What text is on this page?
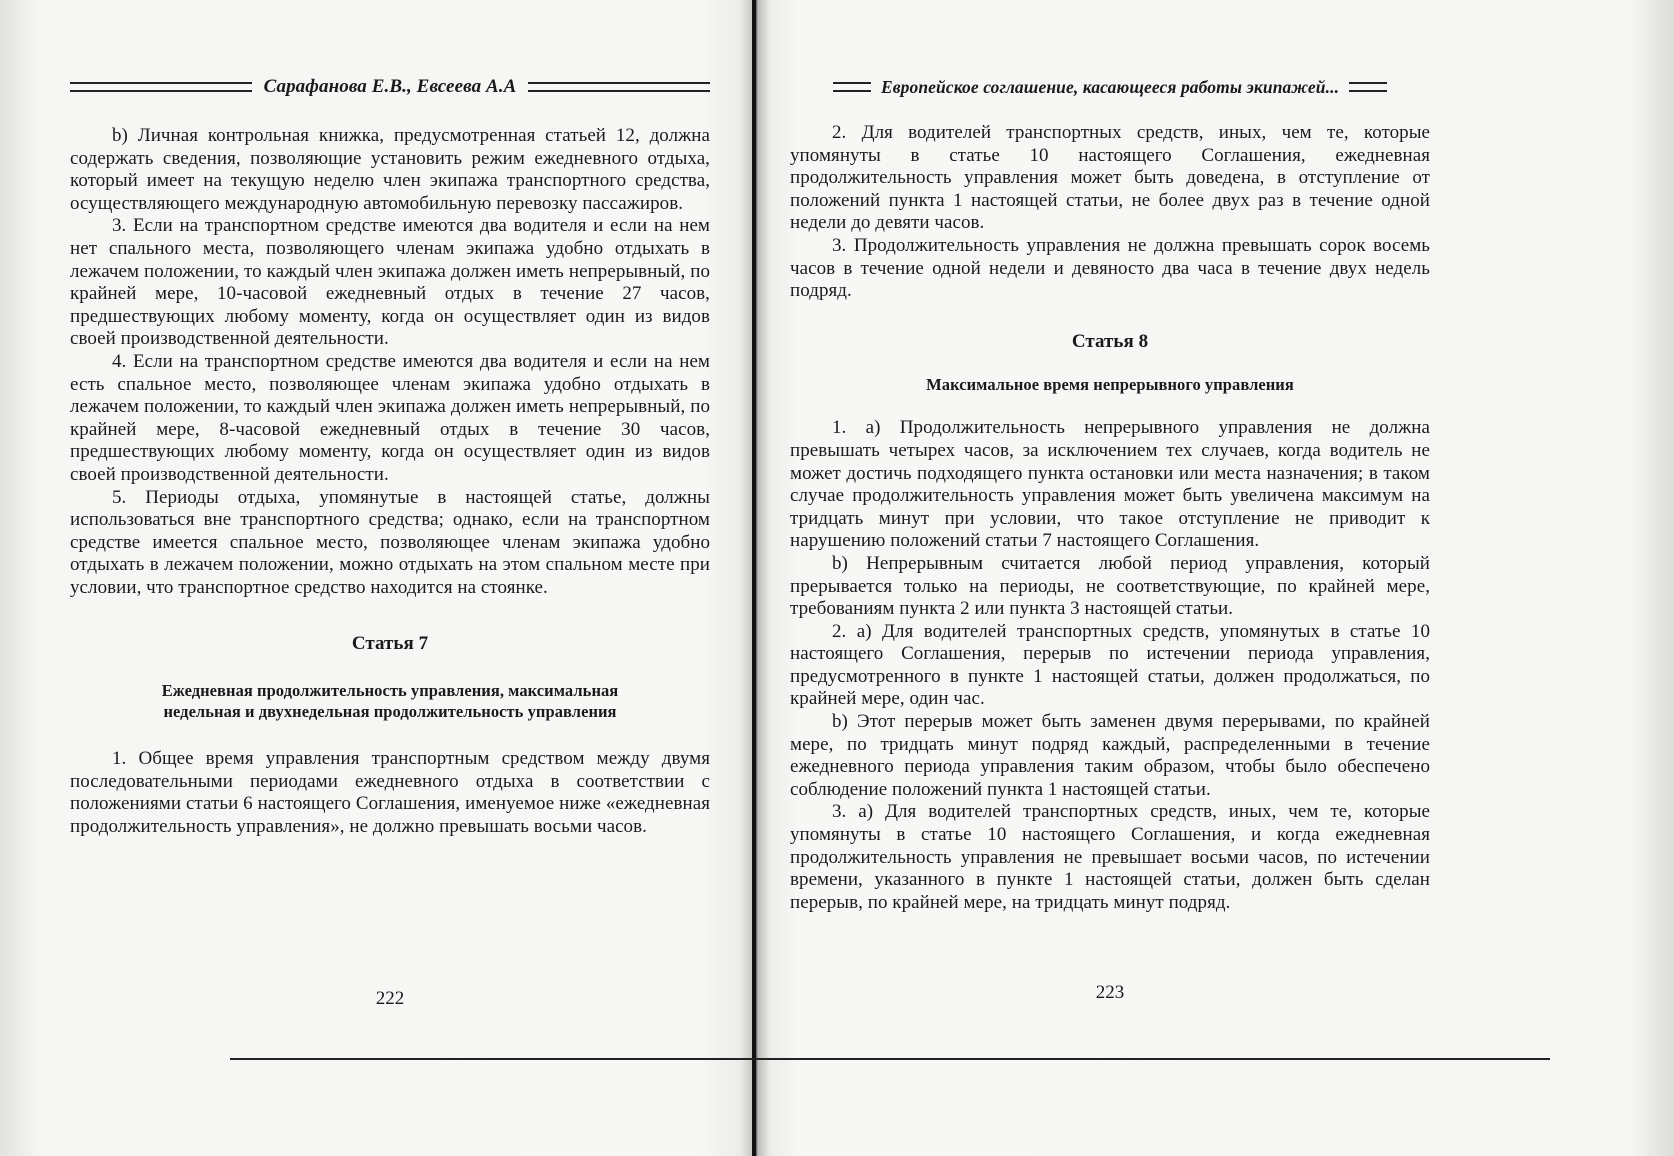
Сарафанова Е.В., Евсеева А.А

b) Личная контрольная книжка, предусмотренная статьей 12, должна содержать сведения, позволяющие установить режим ежедневного отдыха, который имеет на текущую неделю член экипажа транспортного средства, осуществляющего международную автомобильную перевозку пассажиров.

3. Если на транспортном средстве имеются два водителя и если на нем нет спального места, позволяющего членам экипажа удобно отдыхать в лежачем положении, то каждый член экипажа должен иметь непрерывный, по крайней мере, 10-часовой ежедневный отдых в течение 27 часов, предшествующих любому моменту, когда он осуществляет один из видов своей производственной деятельности.

4. Если на транспортном средстве имеются два водителя и если на нем есть спальное место, позволяющее членам экипажа удобно отдыхать в лежачем положении, то каждый член экипажа должен иметь непрерывный, по крайней мере, 8-часовой ежедневный отдых в течение 30 часов, предшествующих любому моменту, когда он осуществляет один из видов своей производственной деятельности.

5. Периоды отдыха, упомянутые в настоящей статье, должны использоваться вне транспортного средства; однако, если на транспортном средстве имеется спальное место, позволяющее членам экипажа удобно отдыхать в лежачем положении, можно отдыхать на этом спальном месте при условии, что транспортное средство находится на стоянке.

Статья 7
Ежедневная продолжительность управления, максимальная
недельная и двухнедельная продолжительность управления

1. Общее время управления транспортным средством между двумя последовательными периодами ежедневного отдыха в соответствии с положениями статьи 6 настоящего Соглашения, именуемое ниже «ежедневная продолжительность управления», не должно превышать восьми часов.

222
Европейское соглашение, касающееся работы экипажей...

2. Для водителей транспортных средств, иных, чем те, которые упомянуты в статье 10 настоящего Соглашения, ежедневная продолжительность управления может быть доведена, в отступление от положений пункта 1 настоящей статьи, не более двух раз в течение одной недели до девяти часов.

3. Продолжительность управления не должна превышать сорок восемь часов в течение одной недели и девяносто два часа в течение двух недель подряд.

Статья 8
Максимальное время непрерывного управления

1. а) Продолжительность непрерывного управления не должна превышать четырех часов, за исключением тех случаев, когда водитель не может достичь подходящего пункта остановки или места назначения; в таком случае продолжительность управления может быть увеличена максимум на тридцать минут при условии, что такое отступление не приводит к нарушению положений статьи 7 настоящего Соглашения.

b) Непрерывным считается любой период управления, который прерывается только на периоды, не соответствующие, по крайней мере, требованиям пункта 2 или пункта 3 настоящей статьи.

2. а) Для водителей транспортных средств, упомянутых в статье 10 настоящего Соглашения, перерыв по истечении периода управления, предусмотренного в пункте 1 настоящей статьи, должен продолжаться, по крайней мере, один час.

b) Этот перерыв может быть заменен двумя перерывами, по крайней мере, по тридцать минут подряд каждый, распределенными в течение ежедневного периода управления таким образом, чтобы было обеспечено соблюдение положений пункта 1 настоящей статьи.

3. а) Для водителей транспортных средств, иных, чем те, которые упомянуты в статье 10 настоящего Соглашения, и когда ежедневная продолжительность управления не превышает восьми часов, по истечении времени, указанного в пункте 1 настоящей статьи, должен быть сделан перерыв, по крайней мере, на тридцать минут подряд.

223
